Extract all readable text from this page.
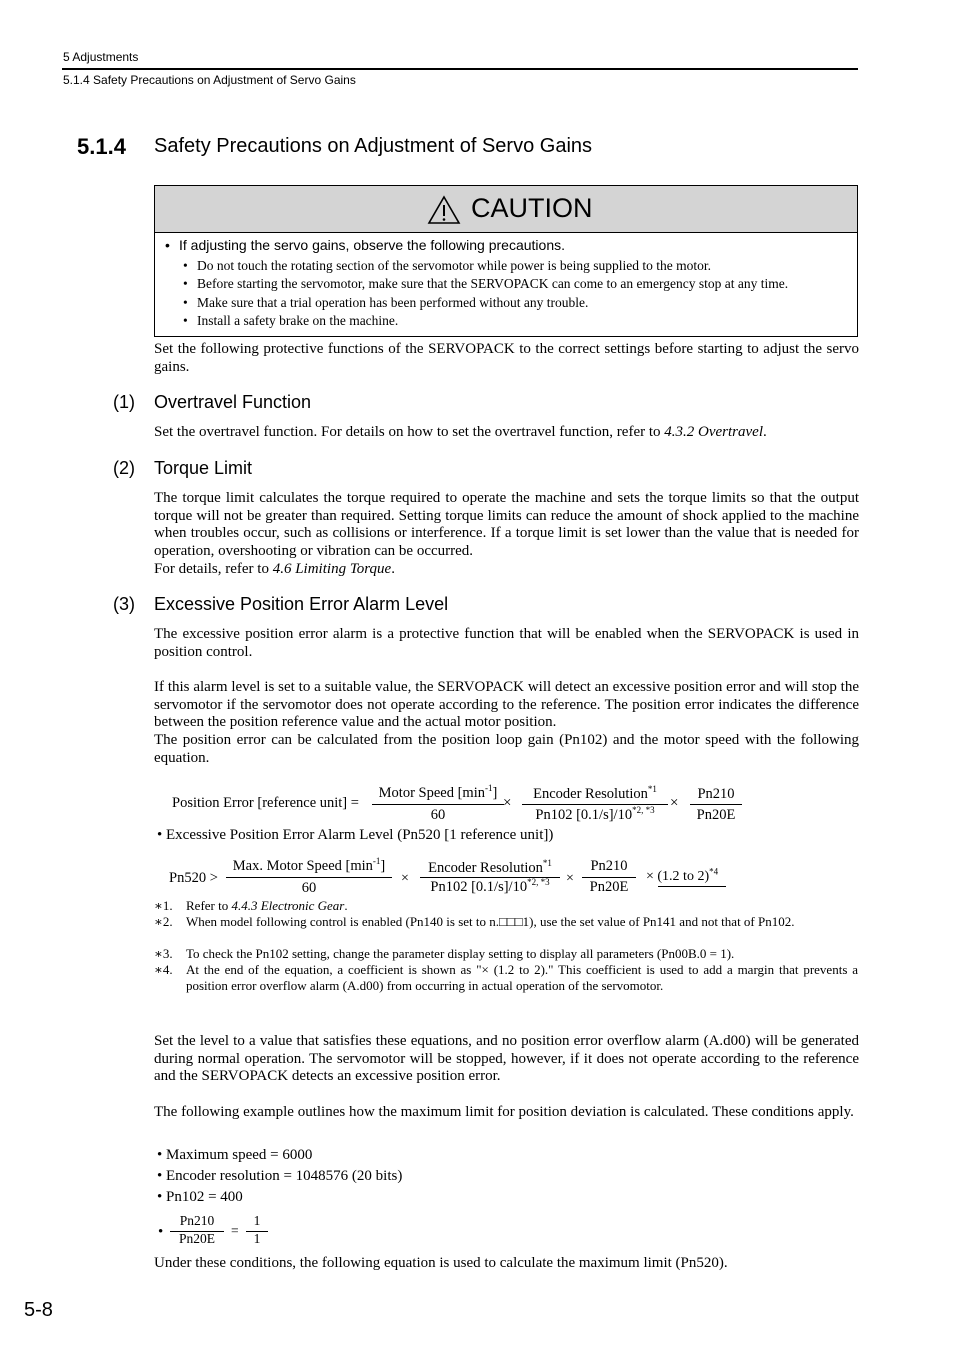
5 Adjustments
5.1.4 Safety Precautions on Adjustment of Servo Gains
5.1.4 Safety Precautions on Adjustment of Servo Gains
CAUTION
• If adjusting the servo gains, observe the following precautions.
• Do not touch the rotating section of the servomotor while power is being supplied to the motor.
• Before starting the servomotor, make sure that the SERVOPACK can come to an emergency stop at any time.
• Make sure that a trial operation has been performed without any trouble.
• Install a safety brake on the machine.
Set the following protective functions of the SERVOPACK to the correct settings before starting to adjust the servo gains.
(1) Overtravel Function
Set the overtravel function. For details on how to set the overtravel function, refer to 4.3.2 Overtravel.
(2) Torque Limit
The torque limit calculates the torque required to operate the machine and sets the torque limits so that the output torque will not be greater than required. Setting torque limits can reduce the amount of shock applied to the machine when troubles occur, such as collisions or interference. If a torque limit is set lower than the value that is needed for operation, overshooting or vibration can be occurred.
For details, refer to 4.6 Limiting Torque.
(3) Excessive Position Error Alarm Level
The excessive position error alarm is a protective function that will be enabled when the SERVOPACK is used in position control.
If this alarm level is set to a suitable value, the SERVOPACK will detect an excessive position error and will stop the servomotor if the servomotor does not operate according to the reference. The position error indicates the difference between the position reference value and the actual motor position.
The position error can be calculated from the position loop gain (Pn102) and the motor speed with the following equation.
Position Error [reference unit] =
Motor Speed $[\min^{-1}]$
60
×
Encoder Resolution$^{*1}$
Pn102 $[0.1/s]/10^{*2, *3}$	×
Pn210
Pn20E
• Excessive Position Error Alarm Level (Pn520 [1 reference unit])
Pn520 >
Max. Motor Speed $[\min^{-1}]$
60
×
Encoder Resolution$^{*1}$
Pn102 $[0.1/s]/10^{*2, *3}$	×
Pn210
Pn20E
× (1.2 to 2)$^{*4}$
∗1. Refer to 4.4.3 Electronic Gear.
∗2. When model following control is enabled (Pn140 is set to n.□□□1), use the set value of Pn141 and not that of Pn102.
∗3. To check the Pn102 setting, change the parameter display setting to display all parameters (Pn00B.0 = 1).
∗4. At the end of the equation, a coefficient is shown as "× (1.2 to 2)." This coefficient is used to add a margin that prevents a position error overflow alarm (A.d00) from occurring in actual operation of the servomotor.
Set the level to a value that satisfies these equations, and no position error overflow alarm (A.d00) will be generated during normal operation. The servomotor will be stopped, however, if it does not operate according to the reference and the SERVOPACK detects an excessive position error.
The following example outlines how the maximum limit for position deviation is calculated. These conditions apply.
• Maximum speed = 6000
• Encoder resolution = 1048576 (20 bits)
• Pn102 = 400
•
Pn210
Pn20E
=
1
1
Under these conditions, the following equation is used to calculate the maximum limit (Pn520).
5-8
